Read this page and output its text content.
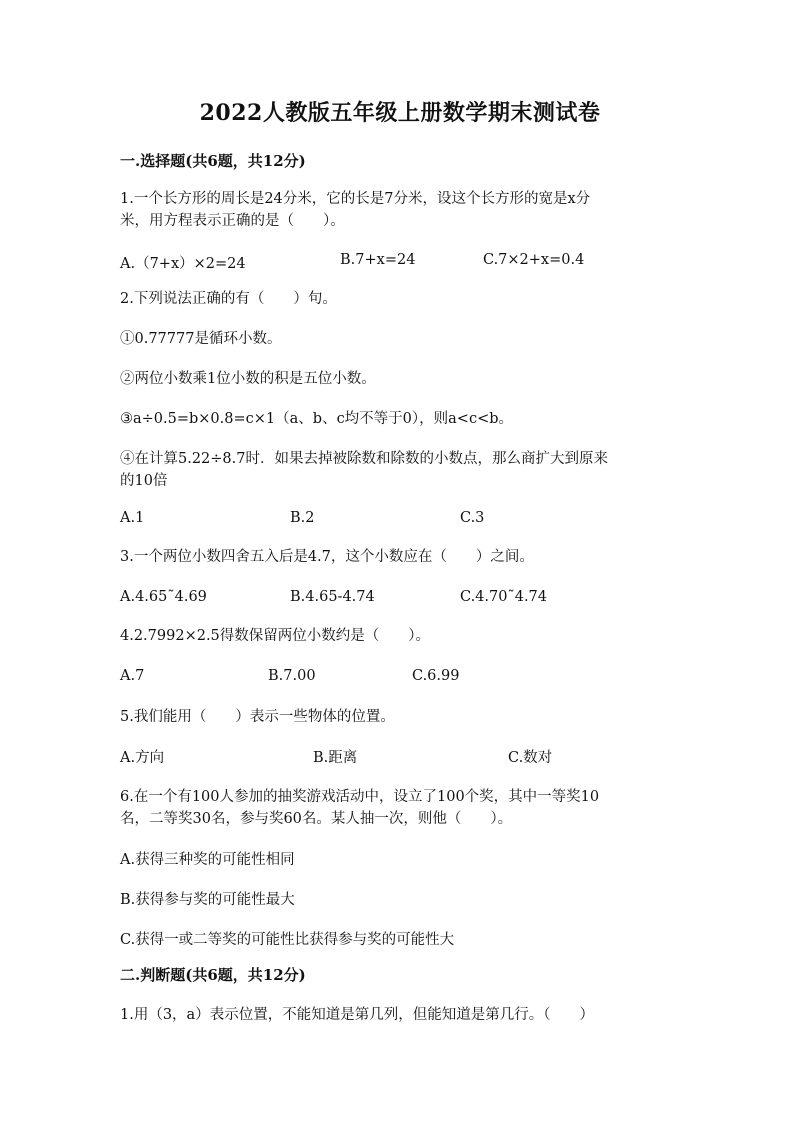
2022人教版五年级上册数学期末测试卷
一.选择题(共6题，共12分)
1.一个长方形的周长是24分米，它的长是7分米，设这个长方形的宽是x分
米，用方程表示正确的是（　　）。
A.（7+x）×2=24	B.7+x=24	C.7×2+x=0.4
2.下列说法正确的有（　　）句。
①0.77777是循环小数。
②两位小数乘1位小数的积是五位小数。
③a÷0.5=b×0.8=c×1（a、b、c均不等于0），则a<c<b。
④在计算5.22÷8.7时．如果去掉被除数和除数的小数点，那么商扩大到原来
的10倍
A.1	B.2	C.3
3.一个两位小数四舍五入后是4.7，这个小数应在（　　）之间。
A.4.65˜4.69	B.4.65-4.74	C.4.70˜4.74
4.2.7992×2.5得数保留两位小数约是（　　）。
A.7	B.7.00	C.6.99
5.我们能用（　　）表示一些物体的位置。
A.方向	B.距离	C.数对
6.在一个有100人参加的抽奖游戏活动中，设立了100个奖，其中一等奖10
名，二等奖30名，参与奖60名。某人抽一次，则他（　　）。
A.获得三种奖的可能性相同
B.获得参与奖的可能性最大
C.获得一或二等奖的可能性比获得参与奖的可能性大
二.判断题(共6题，共12分)
1.用（3，a）表示位置，不能知道是第几列，但能知道是第几行。（　　）
